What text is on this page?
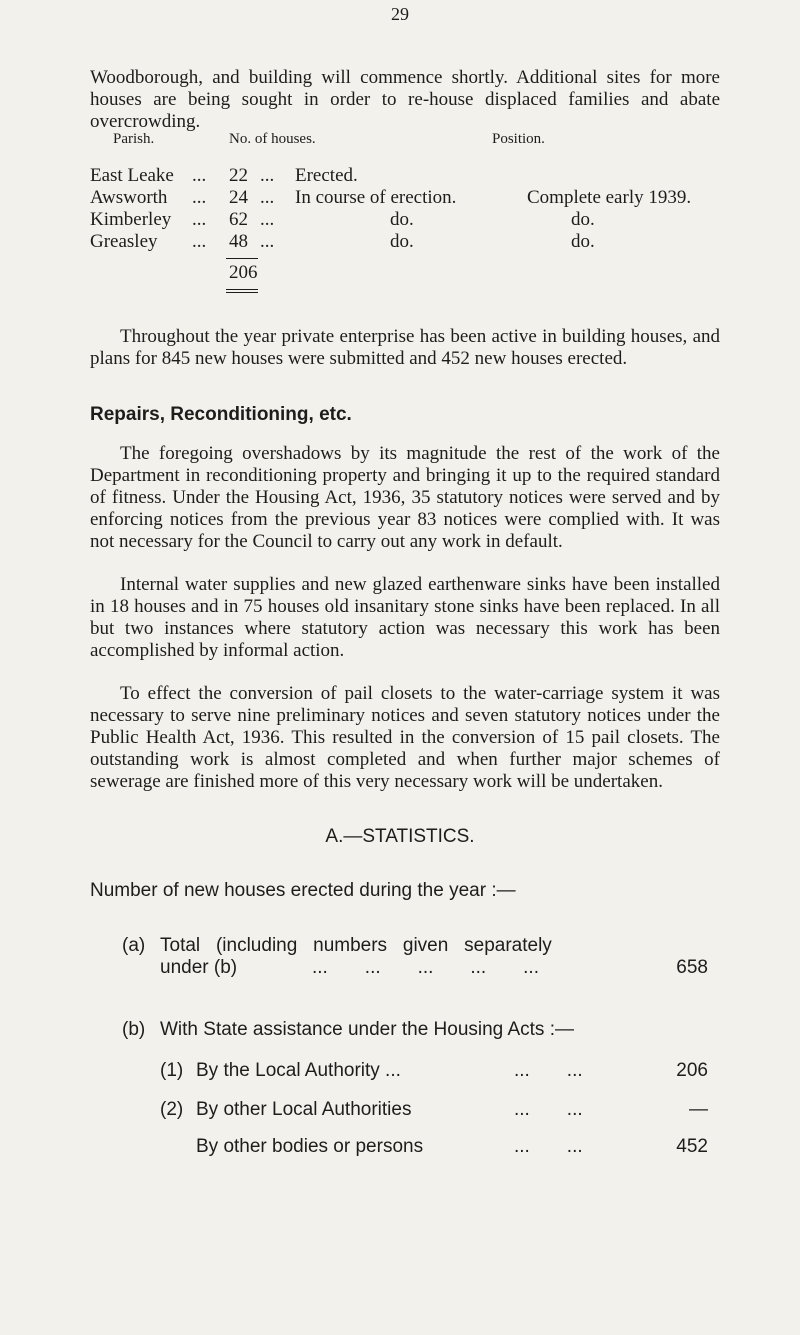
29
Woodborough, and building will commence shortly. Additional sites for more houses are being sought in order to re-house displaced families and abate overcrowding.
Parish.	No. of houses.	Position.
East Leake ... 22 ... Erected.
Awsworth ... 24 ... In course of erection.	Complete early 1939.
Kimberley ... 62 ...	do.	do.
Greasley ... 48 ...	do.	do.
206
Throughout the year private enterprise has been active in building houses, and plans for 845 new houses were submitted and 452 new houses erected.
Repairs, Reconditioning, etc.
The foregoing overshadows by its magnitude the rest of the work of the Department in reconditioning property and bringing it up to the required standard of fitness. Under the Housing Act, 1936, 35 statutory notices were served and by enforcing notices from the previous year 83 notices were complied with. It was not necessary for the Council to carry out any work in default.
Internal water supplies and new glazed earthenware sinks have been installed in 18 houses and in 75 houses old insanitary stone sinks have been replaced. In all but two instances where statutory action was necessary this work has been accomplished by informal action.
To effect the conversion of pail closets to the water-carriage system it was necessary to serve nine preliminary notices and seven statutory notices under the Public Health Act, 1936. This resulted in the conversion of 15 pail closets. The outstanding work is almost completed and when further major schemes of sewerage are finished more of this very necessary work will be undertaken.
A.—STATISTICS.
Number of new houses erected during the year :—
(a) Total   (including   numbers   given   separately
under (b)	...       ...       ...       ...       ...	658
(b) With State assistance under the Housing Acts :—
(1) By the Local Authority ...	...       ...	206
(2) By other Local Authorities	...       ...	—
By other bodies or persons	...       ...	452
